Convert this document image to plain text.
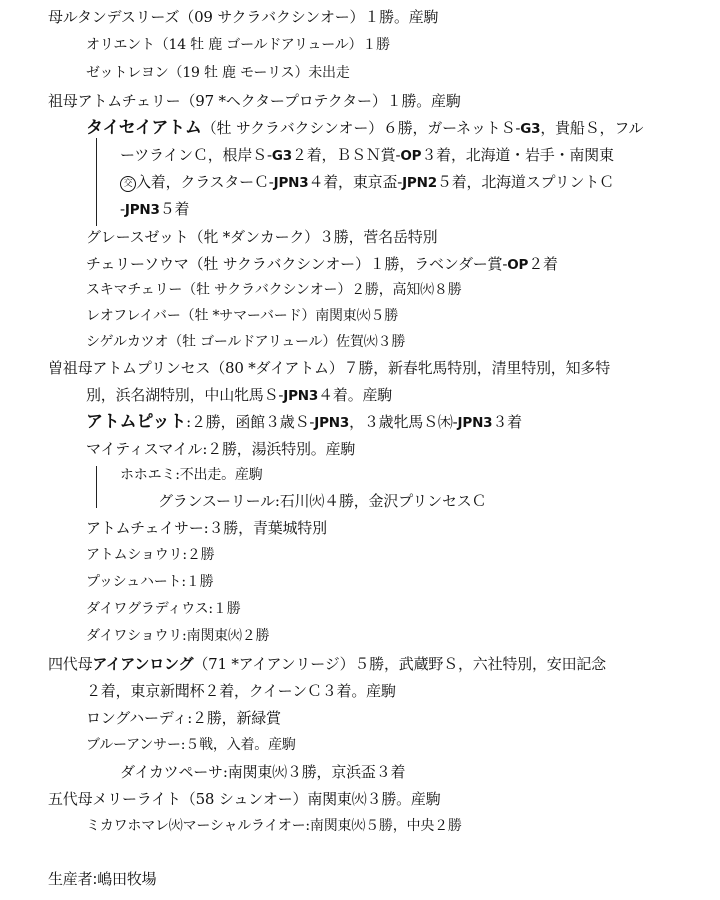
母ルタンデスリーズ（09 サクラバクシンオー）１勝。産駒
オリエント（14 牡 鹿 ゴールドアリュール）１勝
ゼットレヨン（19 牡 鹿 モーリス）未出走
祖母アトムチェリー（97 *ヘクタープロテクター）１勝。産駒
タイセイアトム（牡 サクラバクシンオー）６勝，ガーネットＳ-G3，貴船Ｓ，フル
ーツラインＣ，根岸Ｓ-G3２着，ＢＳＮ賞-OP３着，北海道・岩手・南関東
交 入着，クラスターＣ-JPN3４着，東京盃-JPN2５着，北海道スプリントＣ
-JPN3５着
グレースゼット（牝 *ダンカーク）３勝，菅名岳特別
チェリーソウマ（牡 サクラバクシンオー）１勝，ラベンダー賞-OP２着
スキマチェリー（牡 サクラバクシンオー）２勝，高知㈫８勝
レオフレイバー（牡 *サマーバード）南関東㈫５勝
シゲルカツオ（牡 ゴールドアリュール）佐賀㈫３勝
曽祖母アトムプリンセス（80 *ダイアトム）７勝，新春牝馬特別，清里特別，知多特
別，浜名湖特別，中山牝馬Ｓ-JPN3４着。産駒
アトムピット:２勝，函館３歳Ｓ-JPN3，３歳牝馬Ｓ㈭-JPN3３着
マイティスマイル:２勝，湯浜特別。産駒
ホホエミ:不出走。産駒
グランスーリール:石川㈫４勝，金沢プリンセスＣ
アトムチェイサー:３勝，青葉城特別
アトムショウリ:２勝
プッシュハート:１勝
ダイワグラディウス:１勝
ダイワショウリ:南関東㈫２勝
四代母アイアンロング（71 *アイアンリージ）５勝，武蔵野Ｓ，六社特別，安田記念
２着，東京新聞杯２着，クイーンＣ３着。産駒
ロングハーディ:２勝，新緑賞
ブルーアンサー:５戦，入着。産駒
ダイカツペーサ:南関東㈫３勝，京浜盃３着
五代母メリーライト（58 シュンオー）南関東㈫３勝。産駒
ミカワホマレ㈫マーシャルライオー:南関東㈫５勝，中央２勝
生産者:嶋田牧場
